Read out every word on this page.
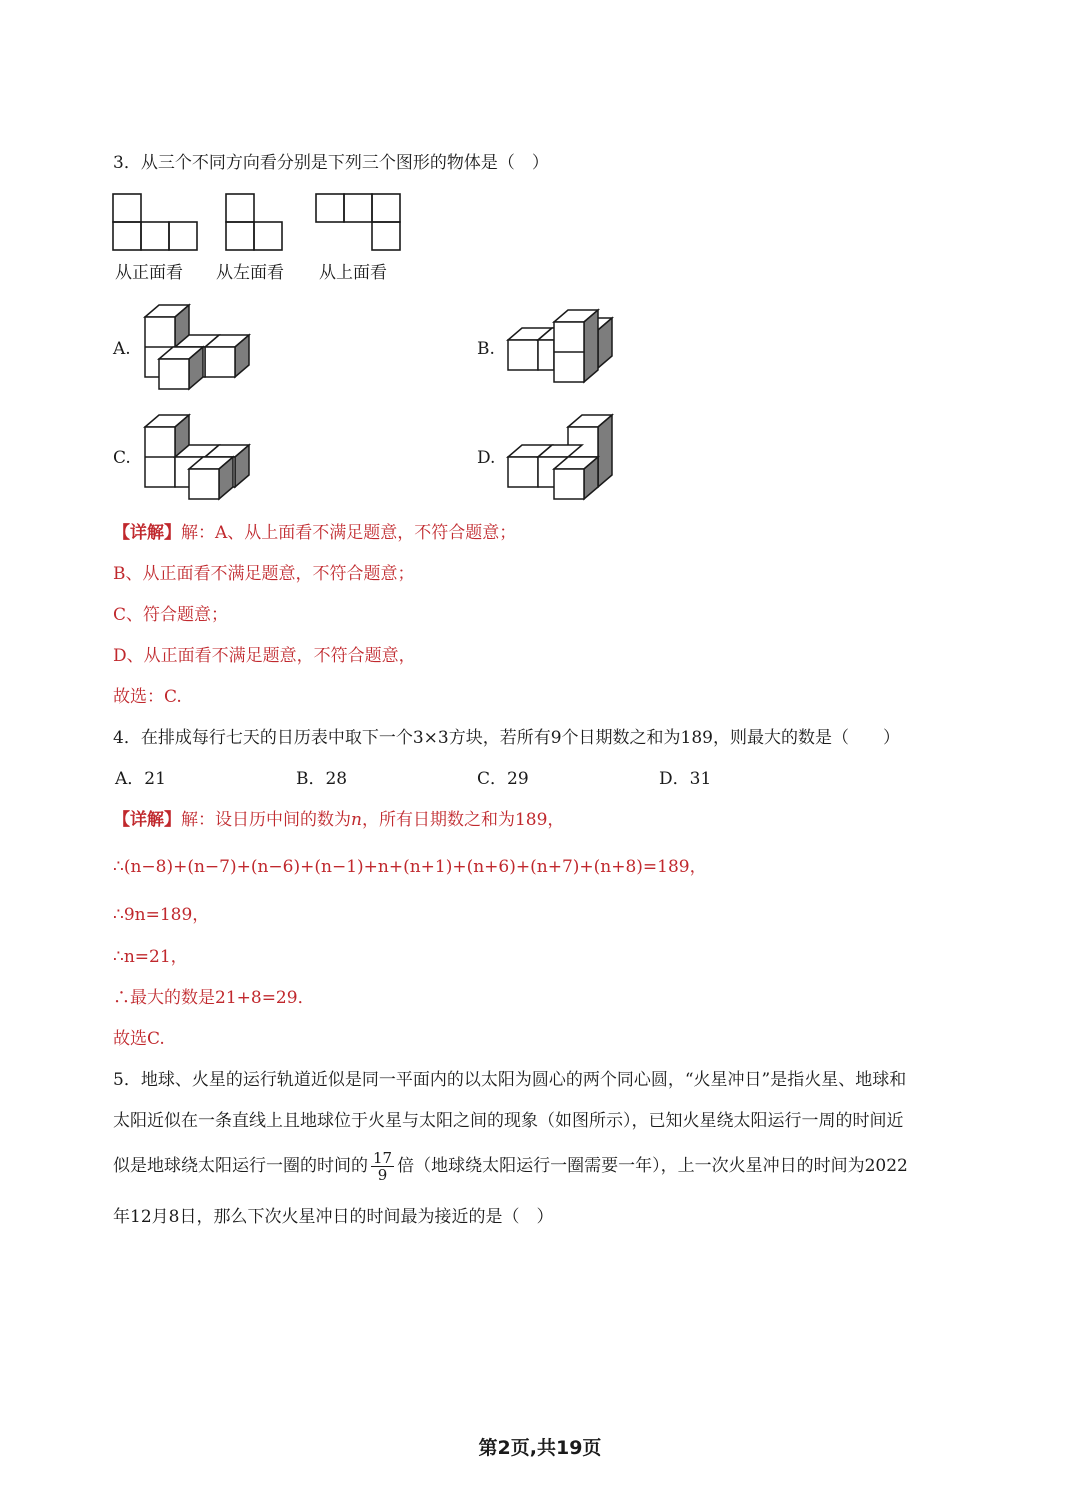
3．从三个不同方向看分别是下列三个图形的物体是（　）
从正面看 从左面看 从上面看
A.	B.
C.	D.
【详解】解：A、从上面看不满足题意，不符合题意；
B、从正面看不满足题意，不符合题意；
C、符合题意；
D、从正面看不满足题意，不符合题意，
故选：C.
4．在排成每行七天的日历表中取下一个3×3方块，若所有9个日期数之和为189，则最大的数是（　　）
A．21	B．28	C．29	D．31
【详解】解：设日历中间的数为n，所有日期数之和为189，
∴(n−8)+(n−7)+(n−6)+(n−1)+n+(n+1)+(n+6)+(n+7)+(n+8)=189，
∴9n=189，
∴n=21，
∴最大的数是21+8=29．
故选C.
5．地球、火星的运行轨道近似是同一平面内的以太阳为圆心的两个同心圆，“火星冲日”是指火星、地球和
太阳近似在一条直线上且地球位于火星与太阳之间的现象（如图所示），已知火星绕太阳运行一周的时间近
似是地球绕太阳运行一圈的时间的 $\frac{17}{9}$ 倍（地球绕太阳运行一圈需要一年），上一次火星冲日的时间为2022
年12月8日，那么下次火星冲日的时间最为接近的是（　）
第2页,共19页
